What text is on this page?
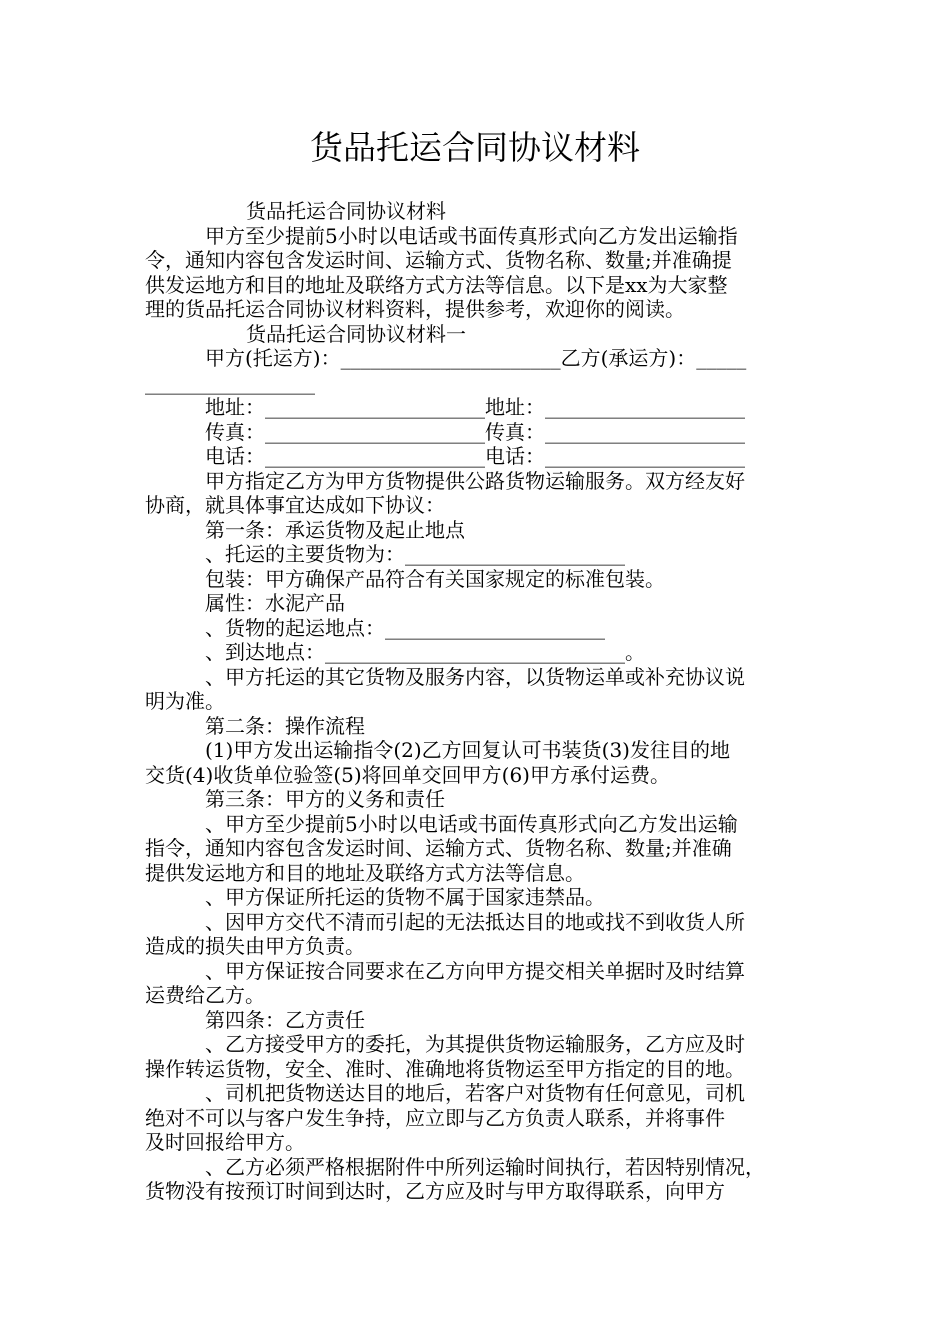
货品托运合同协议材料
货品托运合同协议材料
甲方至少提前5小时以电话或书面传真形式向乙方发出运输指
令，通知内容包含发运时间、运输方式、货物名称、数量;并准确提
供发运地方和目的地址及联络方式方法等信息。以下是xx为大家整
理的货品托运合同协议材料资料，提供参考，欢迎你的阅读。
货品托运合同协议材料一
甲方(托运方)：______________________乙方(承运方)：_____
_________________
地址：______________________地址：____________________
传真：______________________传真：____________________
电话：______________________电话：____________________
甲方指定乙方为甲方货物提供公路货物运输服务。双方经友好
协商，就具体事宜达成如下协议：
第一条：承运货物及起止地点
、托运的主要货物为：______________________
包装：甲方确保产品符合有关国家规定的标准包装。
属性：水泥产品
、货物的起运地点：______________________
、到达地点：______________________________。
、甲方托运的其它货物及服务内容，以货物运单或补充协议说
明为准。
第二条：操作流程
(1)甲方发出运输指令(2)乙方回复认可书装货(3)发往目的地
交货(4)收货单位验签(5)将回单交回甲方(6)甲方承付运费。
第三条：甲方的义务和责任
、甲方至少提前5小时以电话或书面传真形式向乙方发出运输
指令，通知内容包含发运时间、运输方式、货物名称、数量;并准确
提供发运地方和目的地址及联络方式方法等信息。
、甲方保证所托运的货物不属于国家违禁品。
、因甲方交代不清而引起的无法抵达目的地或找不到收货人所
造成的损失由甲方负责。
、甲方保证按合同要求在乙方向甲方提交相关单据时及时结算
运费给乙方。
第四条：乙方责任
、乙方接受甲方的委托，为其提供货物运输服务，乙方应及时
操作转运货物，安全、准时、准确地将货物运至甲方指定的目的地。
、司机把货物送达目的地后，若客户对货物有任何意见，司机
绝对不可以与客户发生争持，应立即与乙方负责人联系，并将事件
及时回报给甲方。
、乙方必须严格根据附件中所列运输时间执行，若因特别情况，
货物没有按预订时间到达时，乙方应及时与甲方取得联系，向甲方
